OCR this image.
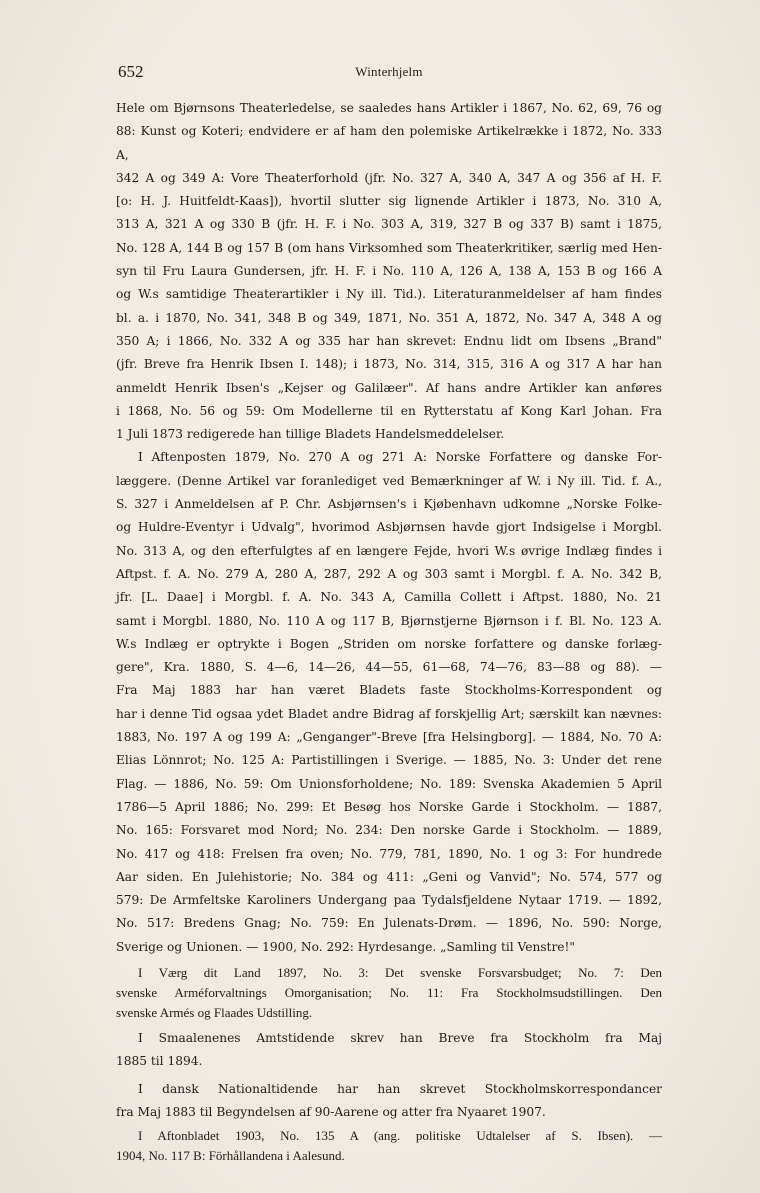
652	Winterhjelm
Hele om Bjørnsons Theaterledelse, se saaledes hans Artikler i 1867, No. 62, 69, 76 og
88: Kunst og Koteri; endvidere er af ham den polemiske Artikelrække i 1872, No. 333 A,
342 A og 349 A: Vore Theaterforhold (jfr. No. 327 A, 340 A, 347 A og 356 af H. F.
[o: H. J. Huitfeldt-Kaas]), hvortil slutter sig lignende Artikler i 1873, No. 310 A,
313 A, 321 A og 330 B (jfr. H. F. i No. 303 A, 319, 327 B og 337 B) samt i 1875,
No. 128 A, 144 B og 157 B (om hans Virksomhed som Theaterkritiker, særlig med Hen-
syn til Fru Laura Gundersen, jfr. H. F. i No. 110 A, 126 A, 138 A, 153 B og 166 A
og W.s samtidige Theaterartikler i Ny ill. Tid.). Literaturanmeldelser af ham findes
bl. a. i 1870, No. 341, 348 B og 349, 1871, No. 351 A, 1872, No. 347 A, 348 A og
350 A; i 1866, No. 332 A og 335 har han skrevet: Endnu lidt om Ibsens „Brand"
(jfr. Breve fra Henrik Ibsen I. 148); i 1873, No. 314, 315, 316 A og 317 A har han
anmeldt Henrik Ibsen's „Kejser og Galilæer". Af hans andre Artikler kan anføres
i 1868, No. 56 og 59: Om Modellerne til en Rytterstatu af Kong Karl Johan. Fra
1 Juli 1873 redigerede han tillige Bladets Handelsmeddelelser.
I Aftenposten 1879, No. 270 A og 271 A: Norske Forfattere og danske For-
læggere. (Denne Artikel var foranlediget ved Bemærkninger af W. i Ny ill. Tid. f. A.,
S. 327 i Anmeldelsen af P. Chr. Asbjørnsen's i Kjøbenhavn udkomne „Norske Folke-
og Huldre-Eventyr i Udvalg", hvorimod Asbjørnsen havde gjort Indsigelse i Morgbl.
No. 313 A, og den efterfulgtes af en længere Fejde, hvori W.s øvrige Indlæg findes i
Aftpst. f. A. No. 279 A, 280 A, 287, 292 A og 303 samt i Morgbl. f. A. No. 342 B,
jfr. [L. Daae] i Morgbl. f. A. No. 343 A, Camilla Collett i Aftpst. 1880, No. 21
samt i Morgbl. 1880, No. 110 A og 117 B, Bjørnstjerne Bjørnson i f. Bl. No. 123 A.
W.s Indlæg er optrykte i Bogen „Striden om norske forfattere og danske forlæg-
gere", Kra. 1880, S. 4—6, 14—26, 44—55, 61—68, 74—76, 83—88 og 88). —
Fra Maj 1883 har han været Bladets faste Stockholms-Korrespondent og
har i denne Tid ogsaa ydet Bladet andre Bidrag af forskjellig Art; særskilt kan nævnes:
1883, No. 197 A og 199 A: „Genganger"-Breve [fra Helsingborg]. — 1884, No. 70 A:
Elias Lönnrot; No. 125 A: Partistillingen i Sverige. — 1885, No. 3: Under det rene
Flag. — 1886, No. 59: Om Unionsforholdene; No. 189: Svenska Akademien 5 April
1786—5 April 1886; No. 299: Et Besøg hos Norske Garde i Stockholm. — 1887,
No. 165: Forsvaret mod Nord; No. 234: Den norske Garde i Stockholm. — 1889,
No. 417 og 418: Frelsen fra oven; No. 779, 781, 1890, No. 1 og 3: For hundrede
Aar siden. En Julehistorie; No. 384 og 411: „Geni og Vanvid"; No. 574, 577 og
579: De Armfeltske Karoliners Undergang paa Tydalsfjeldene Nytaar 1719. — 1892,
No. 517: Bredens Gnag; No. 759: En Julenats-Drøm. — 1896, No. 590: Norge,
Sverige og Unionen. — 1900, No. 292: Hyrdesange. „Samling til Venstre!"
I Værg dit Land 1897, No. 3: Det svenske Forsvarsbudget; No. 7: Den
svenske Arméforvaltnings Omorganisation; No. 11: Fra Stockholmsudstillingen. Den
svenske Armés og Flaades Udstilling.
I Smaalenenes Amtstidende skrev han Breve fra Stockholm fra Maj
1885 til 1894.
I dansk Nationaltidende har han skrevet Stockholmskorrespondancer
fra Maj 1883 til Begyndelsen af 90-Aarene og atter fra Nyaaret 1907.
I Aftonbladet 1903, No. 135 A (ang. politiske Udtalelser af S. Ibsen). —
1904, No. 117 B: Förhållandena i Aalesund.
